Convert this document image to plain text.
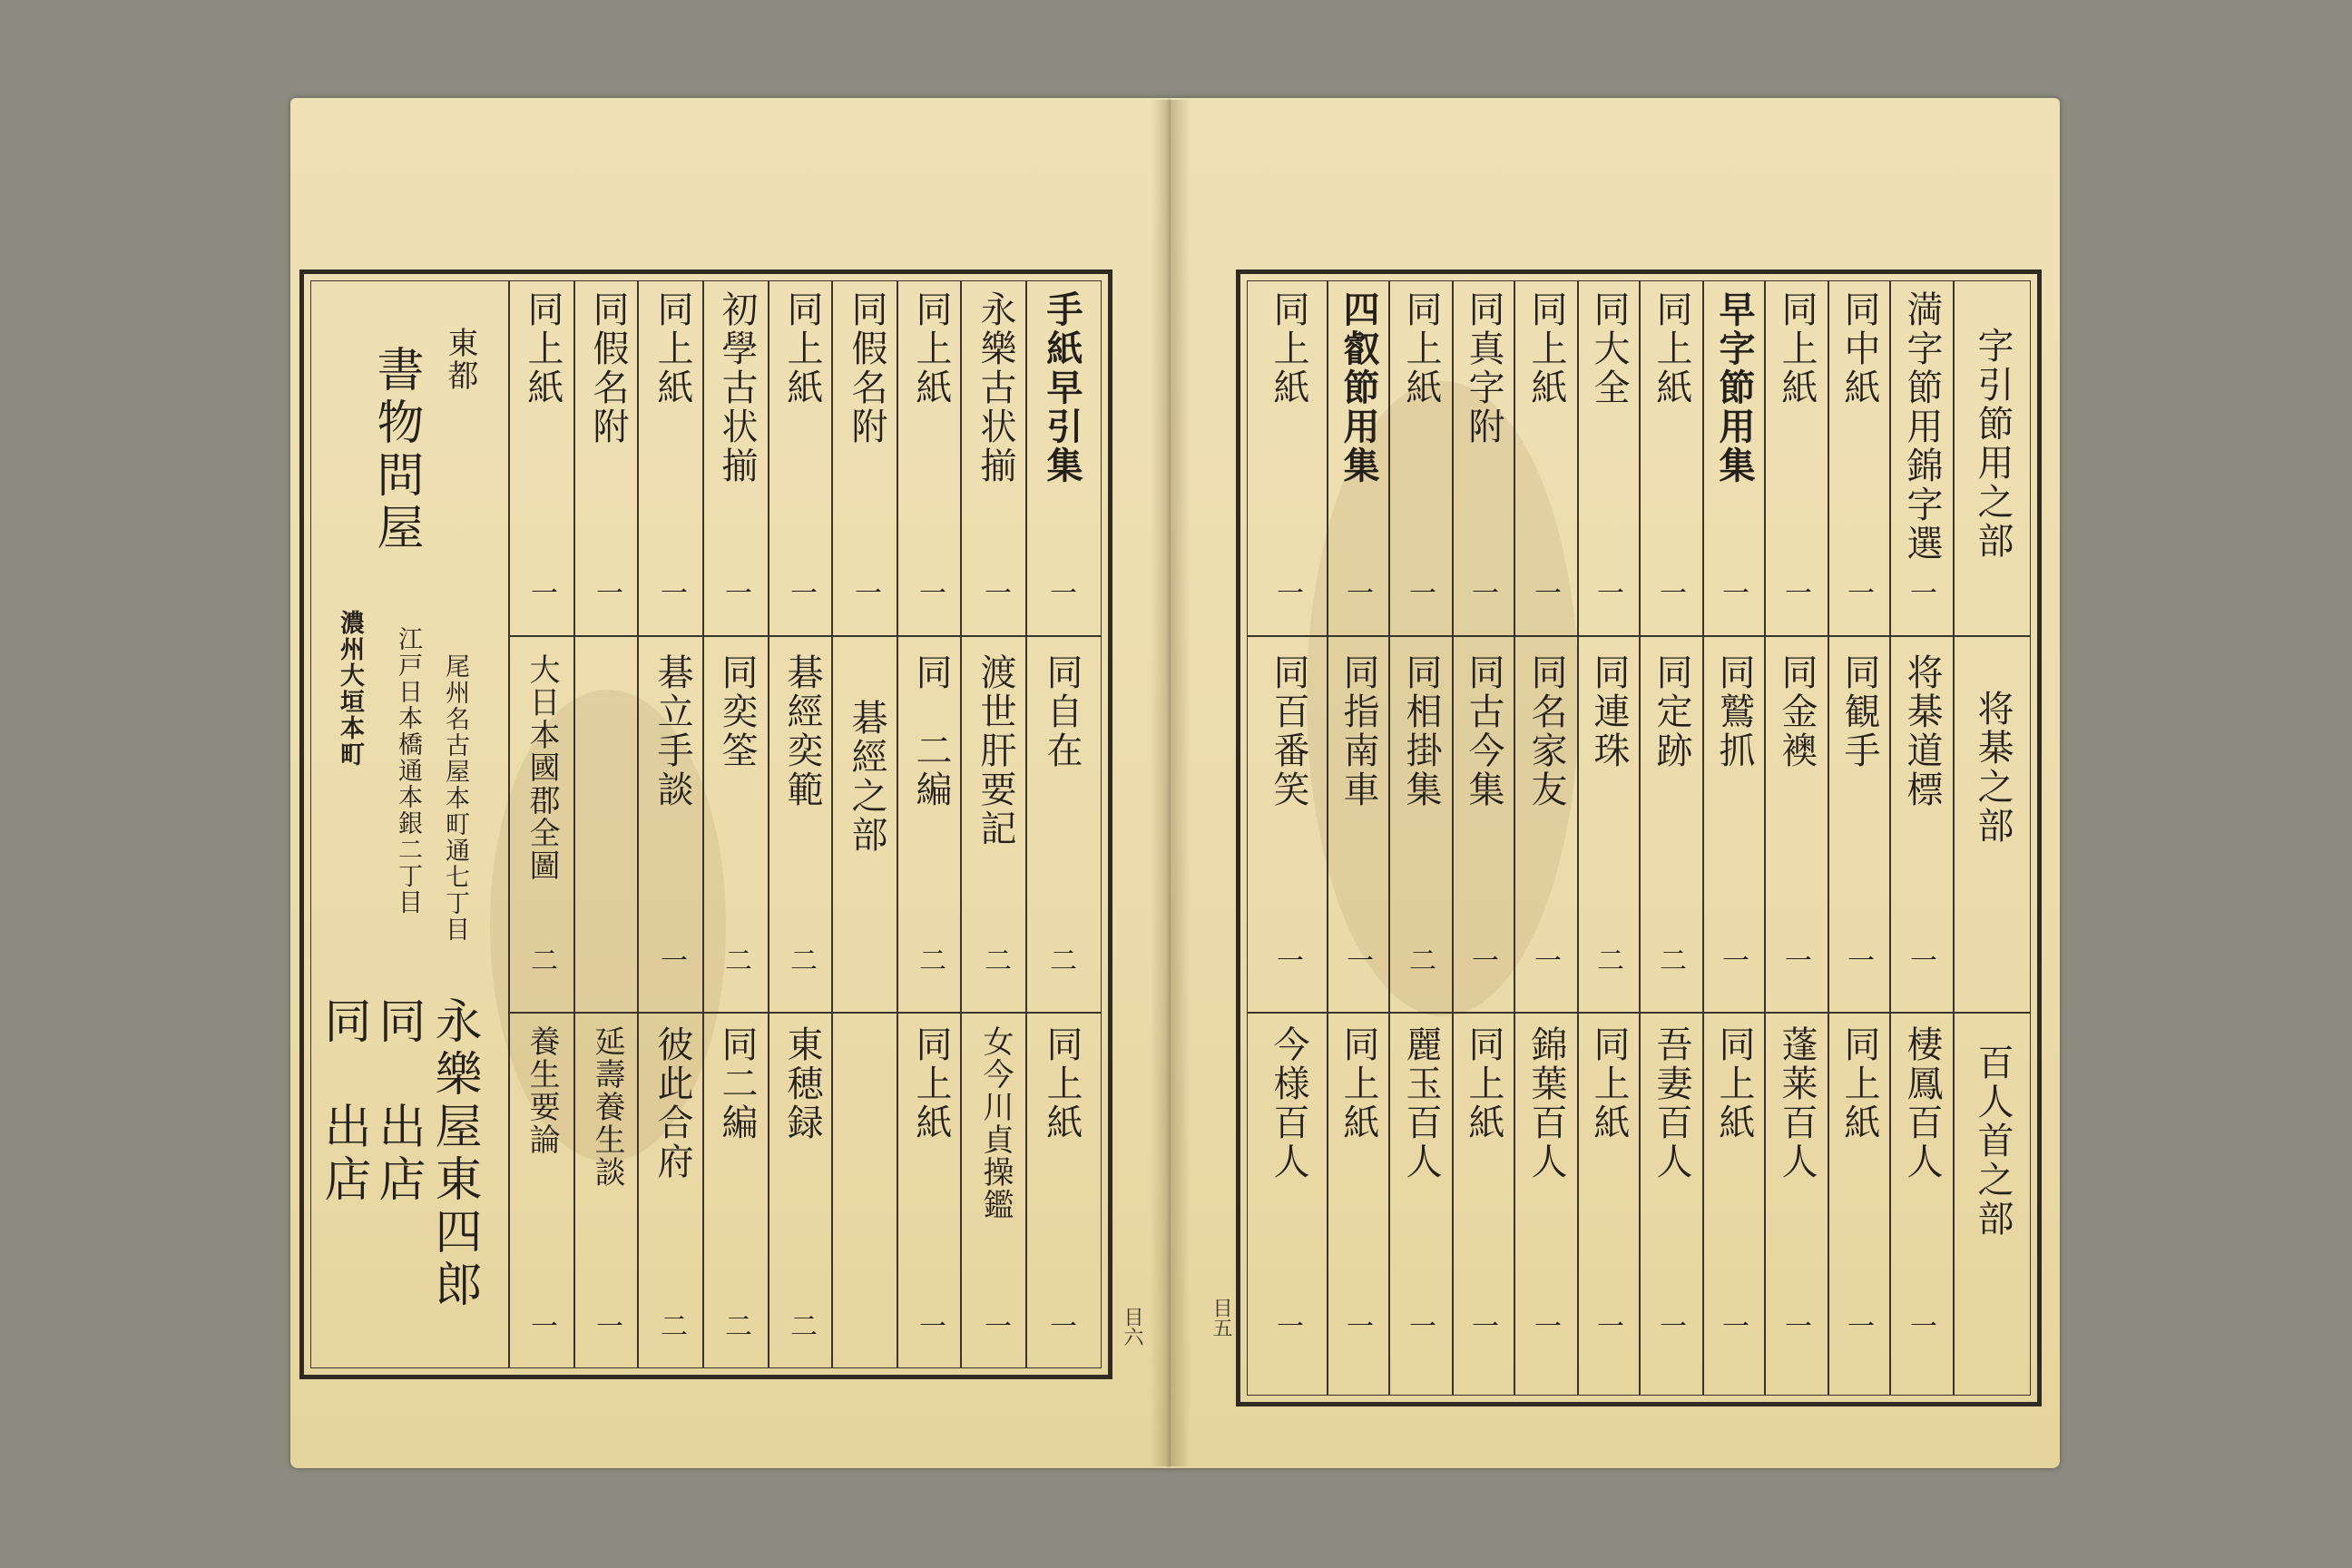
手紙早引集
一
同自在
二
同上紙
一
永樂古状揃
一
渡世肝要記
二
女今川貞操鑑
一
同上紙
一
同　二編
二
同上紙
一
同假名附
一
碁經之部
同上紙
一
碁經奕範
二
東穂録
二
初學古状揃
一
同奕筌
二
同二編
二
同上紙
一
碁立手談
一
彼此合府
二
同假名附
一
延壽養生談
一
同上紙
一
大日本國郡全圖
二
養生要論
一
東都
書物問屋
尾州名古屋本町通七丁目
江戸日本橋通本銀二丁目
濃州大垣本町
永樂屋東四郎
同　出店
同　出店
目六
字引節用之部
将棊之部
百人首之部
満字節用錦字選
一
将棊道標
一
棲鳳百人
一
同中紙
一
同観手
一
同上紙
一
同上紙
一
同金襖
一
蓬莱百人
一
早字節用集
一
同鷲抓
一
同上紙
一
同上紙
一
同定跡
二
吾妻百人
一
同大全
一
同連珠
二
同上紙
一
同上紙
一
同名家友
一
錦葉百人
一
同真字附
一
同古今集
一
同上紙
一
同上紙
一
同相掛集
二
麗玉百人
一
四叡節用集
一
同指南車
一
同上紙
一
同上紙
一
同百番笑
一
今様百人
一
目五
